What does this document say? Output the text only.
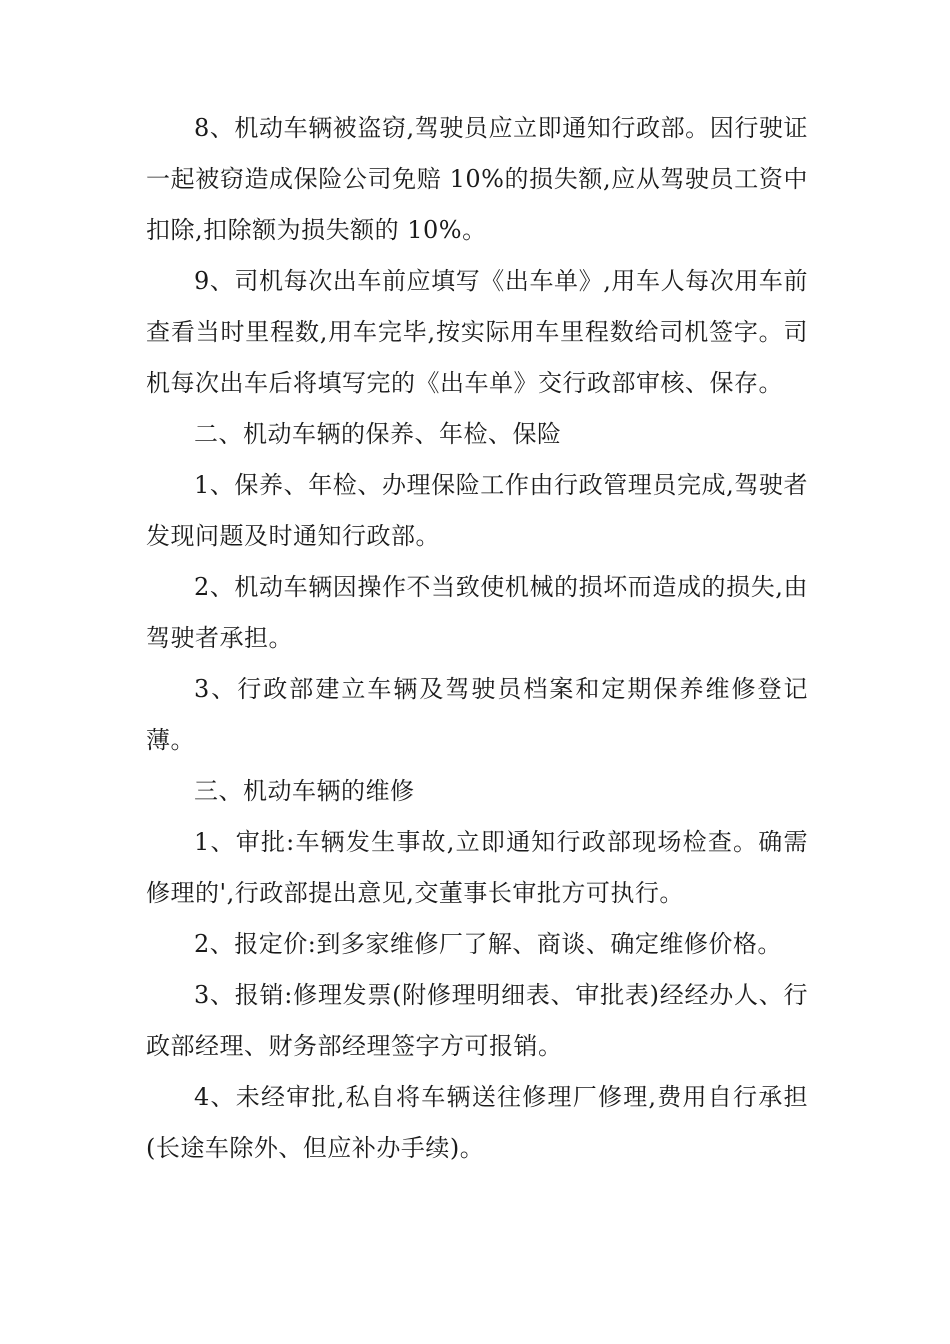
8、机动车辆被盗窃,驾驶员应立即通知行政部。因行驶证一起被窃造成保险公司免赔 10%的损失额,应从驾驶员工资中扣除,扣除额为损失额的 10%。

9、司机每次出车前应填写《出车单》,用车人每次用车前查看当时里程数,用车完毕,按实际用车里程数给司机签字。司机每次出车后将填写完的《出车单》交行政部审核、保存。

二、机动车辆的保养、年检、保险

1、保养、年检、办理保险工作由行政管理员完成,驾驶者发现问题及时通知行政部。

2、机动车辆因操作不当致使机械的损坏而造成的损失,由驾驶者承担。

3、行政部建立车辆及驾驶员档案和定期保养维修登记薄。

三、机动车辆的维修

1、审批:车辆发生事故,立即通知行政部现场检查。确需修理的',行政部提出意见,交董事长审批方可执行。

2、报定价:到多家维修厂了解、商谈、确定维修价格。

3、报销:修理发票(附修理明细表、审批表)经经办人、行政部经理、财务部经理签字方可报销。

4、未经审批,私自将车辆送往修理厂修理,费用自行承担(长途车除外、但应补办手续)。
